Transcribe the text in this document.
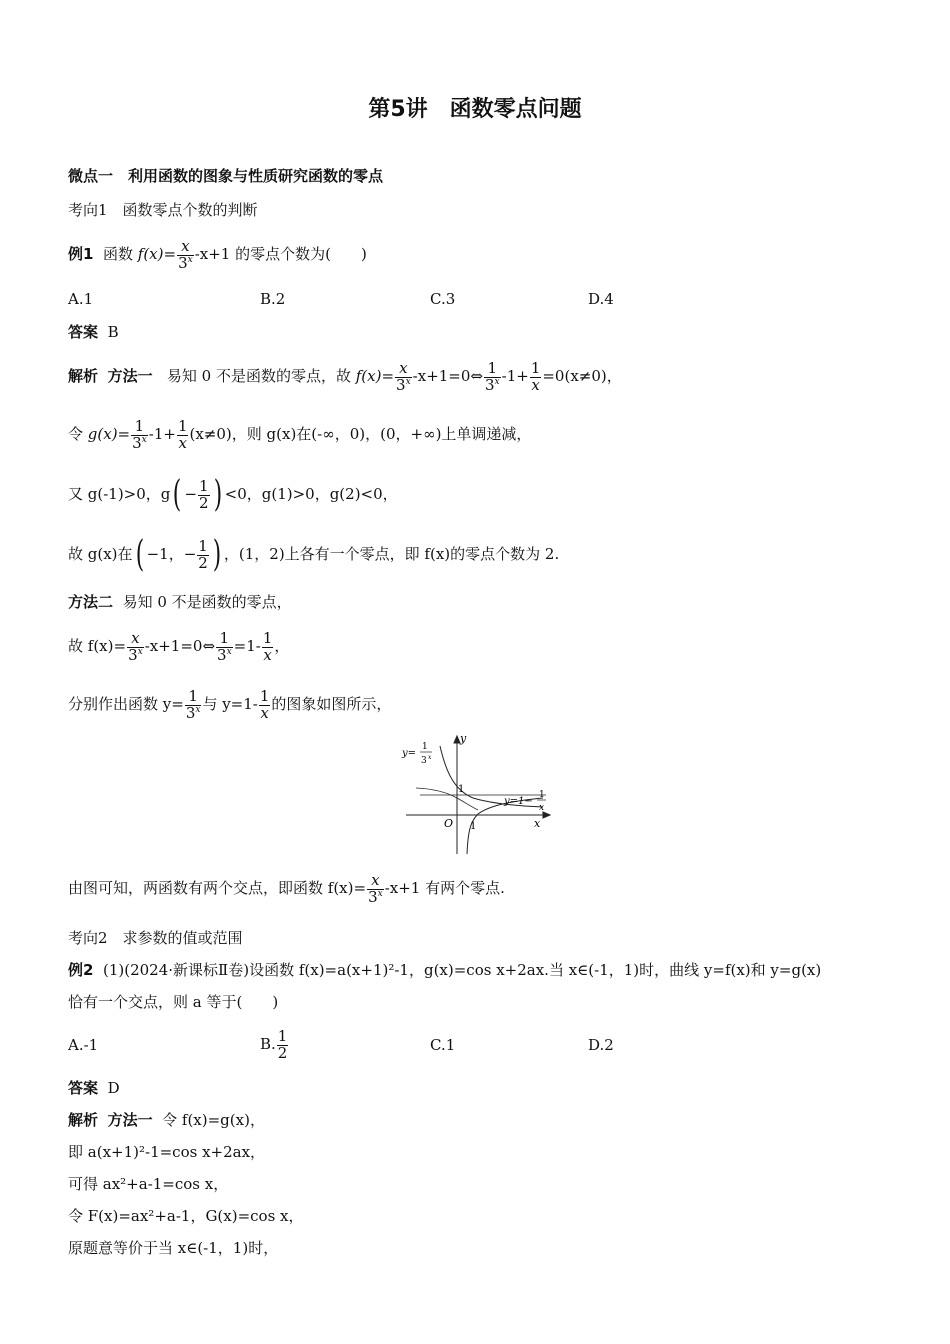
第5讲　函数零点问题
微点一　利用函数的图象与性质研究函数的零点
考向1　函数零点个数的判断
例1 函数 $f(x)= \frac{x}{3^x} -x+1$ 的零点个数为(　　)
A.1	B.2	C.3	D.4
答案 B
解析 方法一 易知 0 不是函数的零点，故 $f(x)= \frac{x}{3^x}$ -x+1=0⇔ $\frac{1}{3^x} -1+ \frac{1}{x} =0(x\ne 0)$，
令 $g(x)= \frac{1}{3^x} -1+ \frac{1}{x} (x\ne 0)$，则 g(x)在(-∞，0)，(0，+∞)上单调递减，
又 g(-1)>0，$g( - \frac{1}{2}$ ) <0，g(1)>0，g(2)<0，
故 g(x)在( −1，− $\frac{1}{2}$ ) ，(1，2)上各有一个零点，即 f(x)的零点个数为 2.
方法二 易知 0 不是函数的零点，
故 $f(x)= \frac{x}{3^x}$ -x+1=0⇔ $\frac{1}{3^x} =1- \frac{1}{x}$ ，
分别作出函数 $y= \frac{1}{3^x}$ 与 $y=1- \frac{1}{x}$ 的图象如图所示，
y
x
O
1
1
y=
1
3 x
y=1−
1
x
由图可知，两函数有两个交点，即函数 $f(x)= \frac{x}{3^x} -x+1$ 有两个零点.
考向2　求参数的值或范围
例2 (1)(2024·新课标Ⅱ卷)设函数 f(x)=a(x+1)²-1，g(x)=cos x+2ax.当 x∈(-1，1)时，曲线 y=f(x)和 y=g(x)
恰有一个交点，则 a 等于(　　)
A.-1	B. $\frac{1}{2}$	C.1	D.2
答案 D
解析 方法一 令 f(x)=g(x)，
即 a(x+1)²-1=cos x+2ax，
可得 ax²+a-1=cos x，
令 F(x)=ax²+a-1，G(x)=cos x，
原题意等价于当 x∈(-1，1)时，
